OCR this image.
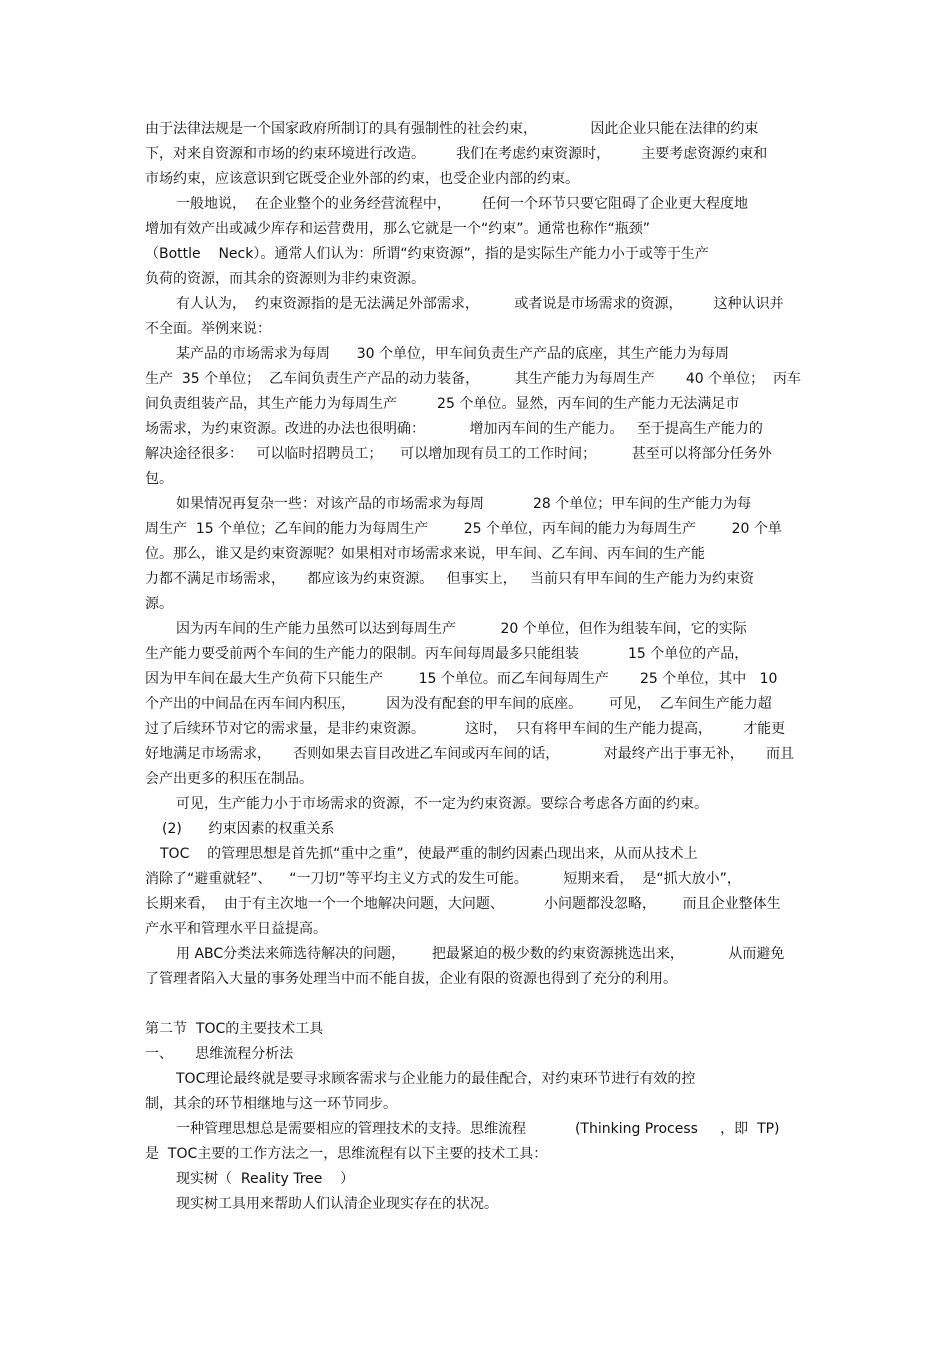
由于法律法规是一个国家政府所制订的具有强制性的社会约束，            因此企业只能在法律的约束
下，对来自资源和市场的约束环境进行改造。       我们在考虑约束资源时，       主要考虑资源约束和
市场约束，应该意识到它既受企业外部的约束，也受企业内部的约束。
一般地说，  在企业整个的业务经营流程中，       任何一个环节只要它阻碍了企业更大程度地
增加有效产出或减少库存和运营费用，那么它就是一个“约束”。通常也称作“瓶颈”
（Bottle    Neck）。通常人们认为：所谓“约束资源”，指的是实际生产能力小于或等于生产
负荷的资源，而其余的资源则为非约束资源。
有人认为，  约束资源指的是无法满足外部需求，        或者说是市场需求的资源，       这种认识并
不全面。举例来说：
某产品的市场需求为每周      30 个单位，甲车间负责生产产品的底座，其生产能力为每周
生产  35 个单位；  乙车间负责生产产品的动力装备，        其生产能力为每周生产       40 个单位；  丙车
间负责组装产品，其生产能力为每周生产         25 个单位。显然，丙车间的生产能力无法满足市
场需求，为约束资源。改进的办法也很明确：          增加丙车间的生产能力。   至于提高生产能力的
解决途径很多：   可以临时招聘员工；    可以增加现有员工的工作时间；        甚至可以将部分任务外
包。
如果情况再复杂一些：对该产品的市场需求为每周           28 个单位；甲车间的生产能力为每
周生产  15 个单位；乙车间的能力为每周生产        25 个单位，丙车间的能力为每周生产        20 个单
位。那么，谁又是约束资源呢？如果相对市场需求来说，甲车间、乙车间、丙车间的生产能
力都不满足市场需求，     都应该为约束资源。   但事实上，   当前只有甲车间的生产能力为约束资
源。
因为丙车间的生产能力虽然可以达到每周生产          20 个单位，但作为组装车间，它的实际
生产能力要受前两个车间的生产能力的限制。丙车间每周最多只能组装           15 个单位的产品，
因为甲车间在最大生产负荷下只能生产        15 个单位。而乙车间每周生产       25 个单位，其中   10
个产出的中间品在丙车间内积压，       因为没有配套的甲车间的底座。      可见，  乙车间生产能力超
过了后续环节对它的需求量，是非约束资源。         这时，  只有将甲车间的生产能力提高，       才能更
好地满足市场需求，     否则如果去盲目改进乙车间或丙车间的话，          对最终产出于事无补，     而且
会产出更多的积压在制品。
可见，生产能力小于市场需求的资源，不一定为约束资源。要综合考虑各方面的约束。
(2)      约束因素的权重关系
TOC    的管理思想是首先抓“重中之重”，使最严重的制约因素凸现出来，从而从技术上
消除了“避重就轻”、    “一刀切”等平均主义方式的发生可能。        短期来看，  是“抓大放小”，
长期来看，  由于有主次地一个一个地解决问题，大问题、         小问题都没忽略，      而且企业整体生
产水平和管理水平日益提高。
用 ABC分类法来筛选待解决的问题，      把最紧迫的极少数的约束资源挑选出来，          从而避免
了管理者陷入大量的事务处理当中而不能自拔，企业有限的资源也得到了充分的利用。
第二节  TOC的主要技术工具
一、     思维流程分析法
TOC理论最终就是要寻求顾客需求与企业能力的最佳配合，对约束环节进行有效的控
制，其余的环节相继地与这一环节同步。
一种管理思想总是需要相应的管理技术的支持。思维流程           (Thinking Process     ，即  TP)
是  TOC主要的工作方法之一，思维流程有以下主要的技术工具：
现实树（  Reality Tree    ）
现实树工具用来帮助人们认清企业现实存在的状况。
